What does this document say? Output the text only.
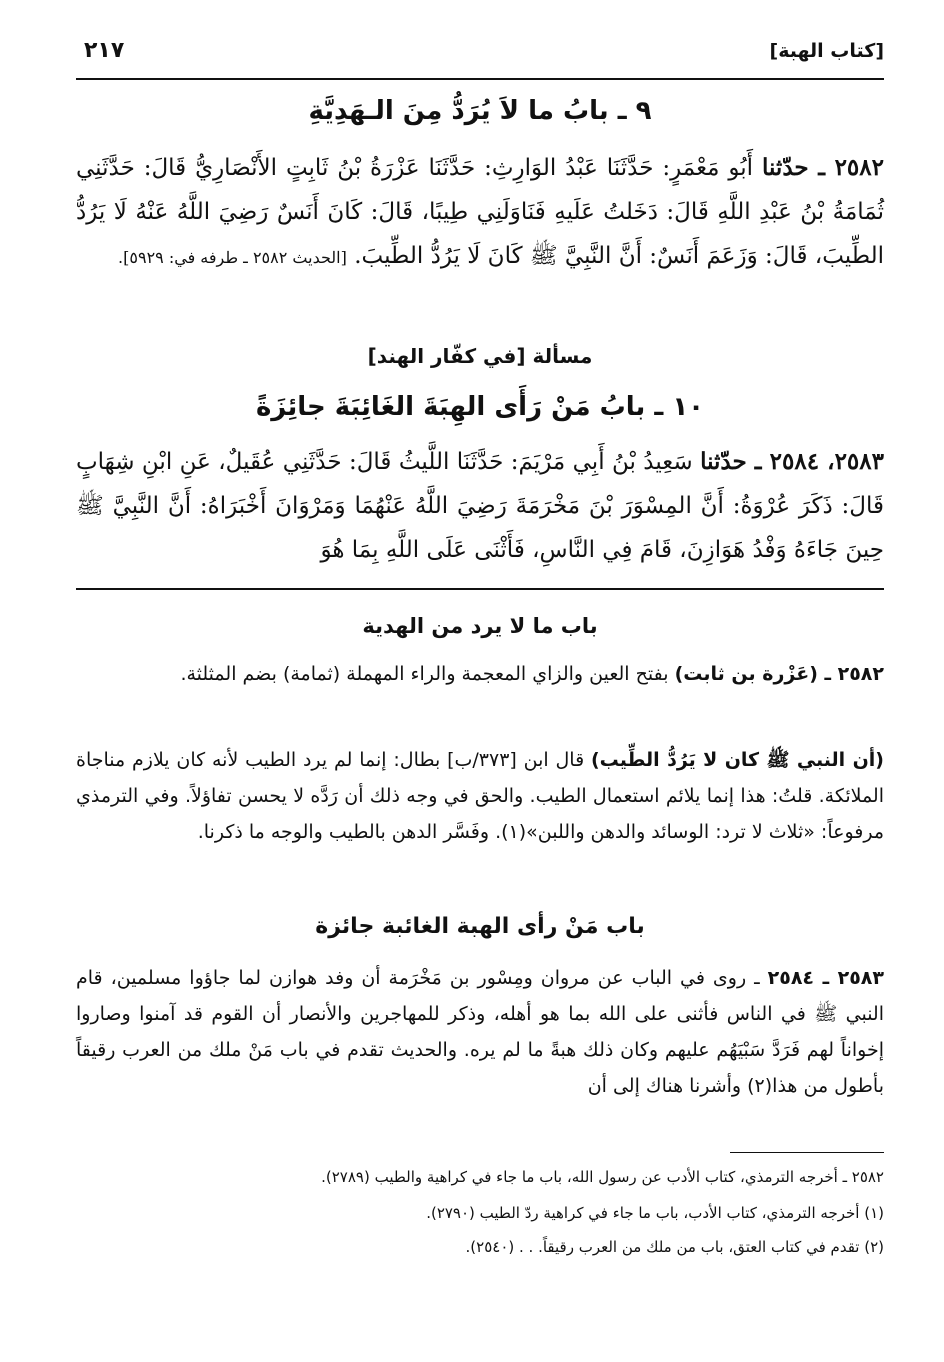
[كتاب الهبة]
٢١٧
٩ ـ بابُ ما لاَ يُرَدُّ مِنَ الـهَدِيَّةِ
٢٥٨٢ ـ حدّثنا أَبُو مَعْمَرٍ: حَدَّثَنَا عَبْدُ الوَارِثِ: حَدَّثَنَا عَزْرَةُ بْنُ ثَابِتٍ الأَنْصَارِيُّ قَالَ: حَدَّثَنِي ثُمَامَةُ بْنُ عَبْدِ اللَّهِ قَالَ: دَخَلتُ عَلَيهِ فَنَاوَلَنِي طِيبًا، قَالَ: كَانَ أَنَسٌ رَضِيَ اللَّهُ عَنْهُ لَا يَرُدُّ الطِّيبَ، قَالَ: وَزَعَمَ أَنَسٌ: أَنَّ النَّبِيَّ ﷺ كَانَ لَا يَرُدُّ الطِّيبَ. [الحديث ٢٥٨٢ ـ طرفه في: ٥٩٢٩].
مسألة [في كفّار الهند]
١٠ ـ بابُ مَنْ رَأَى الهِبَةَ الغَائِبَةَ جائِزَةً
٢٥٨٣، ٢٥٨٤ ـ حدّثنا سَعِيدُ بْنُ أَبِي مَرْيَمَ: حَدَّثَنَا اللَّيثُ قَالَ: حَدَّثَنِي عُقَيلٌ، عَنِ ابْنِ شِهَابٍ قَالَ: ذَكَرَ عُرْوَةُ: أَنَّ المِسْوَرَ بْنَ مَخْرَمَةَ رَضِيَ اللَّهُ عَنْهُمَا وَمَرْوَانَ أَخْبَرَاهُ: أَنَّ النَّبِيَّ ﷺ حِينَ جَاءَهُ وَفْدُ هَوَازِنَ، قَامَ فِي النَّاسِ، فَأَثْنَى عَلَى اللَّهِ بِمَا هُوَ
باب ما لا يرد من الهدية
٢٥٨٢ ـ (عَزْرة بن ثابت) بفتح العين والزاي المعجمة والراء المهملة (ثمامة) بضم المثلثة.
(أن النبي ﷺ كان لا يَرُدُّ الطِّيب) قال ابن [٣٧٣/ب] بطال: إنما لم يرد الطيب لأنه كان يلازم مناجاة الملائكة. قلتُ: هذا إنما يلائم استعمال الطيب. والحق في وجه ذلك أن رَدَّه لا يحسن تفاؤلاً. وفي الترمذي مرفوعاً: «ثلاث لا ترد: الوسائد والدهن واللبن»(١). وفَسَّر الدهن بالطيب والوجه ما ذكرنا.
باب مَنْ رأى الهبة الغائبة جائزة
٢٥٨٣ ـ ٢٥٨٤ ـ روى في الباب عن مروان ومِسْور بن مَخْرَمة أن وفد هوازن لما جاؤوا مسلمين، قام النبي ﷺ في الناس فأثنى على الله بما هو أهله، وذكر للمهاجرين والأنصار أن القوم قد آمنوا وصاروا إخواناً لهم فَرَدَّ سَبْيَهُم عليهم وكان ذلك هبةً ما لم يره. والحديث تقدم في باب مَنْ ملك من العرب رقيقاً بأطول من هذا(٢) وأشرنا هناك إلى أن
٢٥٨٢ ـ أخرجه الترمذي، كتاب الأدب عن رسول الله، باب ما جاء في كراهية والطيب (٢٧٨٩).
(١) أخرجه الترمذي، كتاب الأدب، باب ما جاء في كراهية ردّ الطيب (٢٧٩٠).
(٢) تقدم في كتاب العتق، باب من ملك من العرب رقيقاً. . . (٢٥٤٠).
